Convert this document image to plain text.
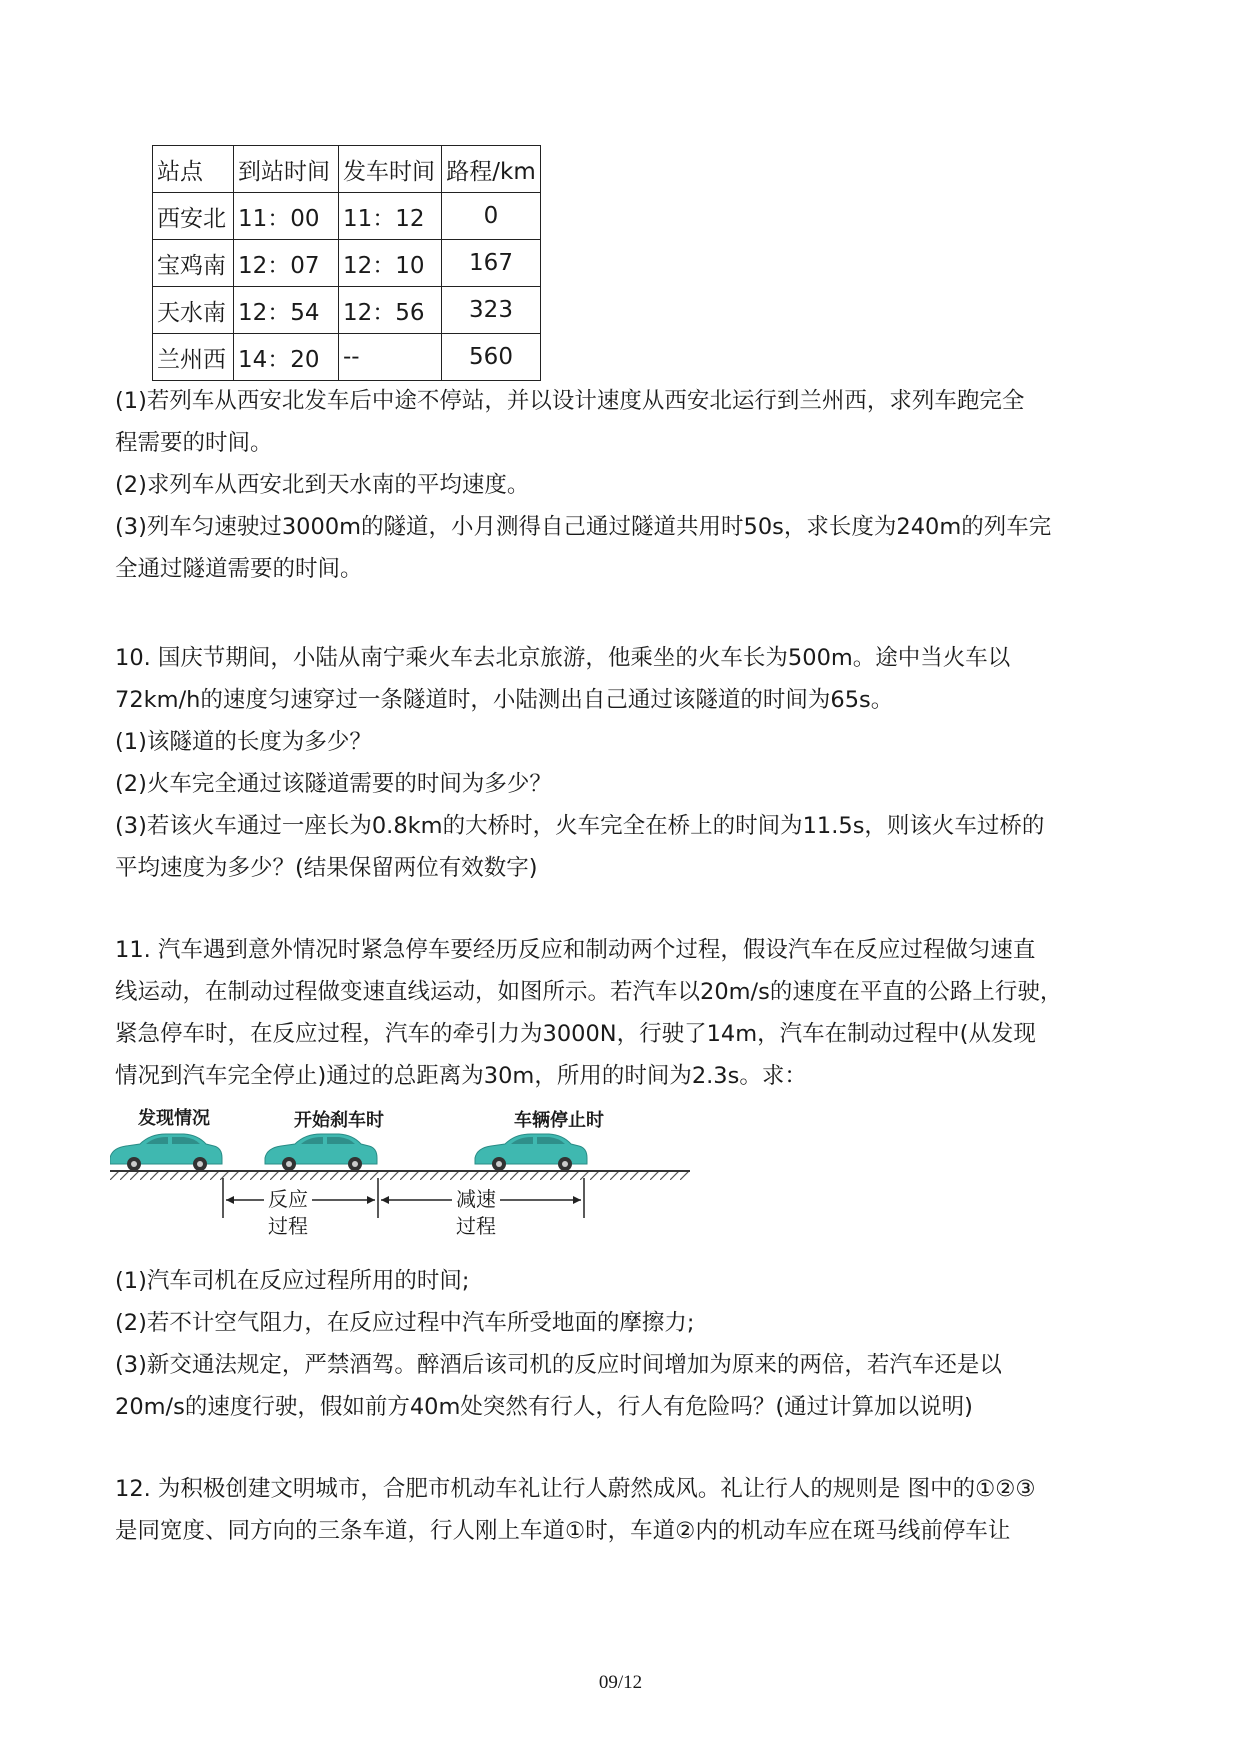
站点	到站时间	发车时间	路程/km
西安北	11：00	11：12	0
宝鸡南	12：07	12：10	167
天水南	12：54	12：56	323
兰州西	14：20	--	560
(1)若列车从西安北发车后中途不停站，并以设计速度从西安北运行到兰州西，求列车跑完全
程需要的时间。
(2)求列车从西安北到天水南的平均速度。
(3)列车匀速驶过3000m的隧道，小月测得自己通过隧道共用时50s，求长度为240m的列车完
全通过隧道需要的时间。
10. 国庆节期间，小陆从南宁乘火车去北京旅游，他乘坐的火车长为500m。途中当火车以
72km/h的速度匀速穿过一条隧道时，小陆测出自己通过该隧道的时间为65s。
(1)该隧道的长度为多少？
(2)火车完全通过该隧道需要的时间为多少？
(3)若该火车通过一座长为0.8km的大桥时，火车完全在桥上的时间为11.5s，则该火车过桥的
平均速度为多少？(结果保留两位有效数字)
11. 汽车遇到意外情况时紧急停车要经历反应和制动两个过程，假设汽车在反应过程做匀速直
线运动，在制动过程做变速直线运动，如图所示。若汽车以20m/s的速度在平直的公路上行驶，
紧急停车时，在反应过程，汽车的牵引力为3000N，行驶了14m，汽车在制动过程中(从发现
情况到汽车完全停止)通过的总距离为30m，所用的时间为2.3s。求：
发现情况	开始刹车时	车辆停止时
反应
过程
减速
过程
(1)汽车司机在反应过程所用的时间;
(2)若不计空气阻力，在反应过程中汽车所受地面的摩擦力;
(3)新交通法规定，严禁酒驾。醉酒后该司机的反应时间增加为原来的两倍，若汽车还是以
20m/s的速度行驶，假如前方40m处突然有行人，行人有危险吗？(通过计算加以说明)
12. 为积极创建文明城市，合肥市机动车礼让行人蔚然成风。礼让行人的规则是 图中的①②③
是同宽度、同方向的三条车道，行人刚上车道①时，车道②内的机动车应在斑马线前停车让
09/12
